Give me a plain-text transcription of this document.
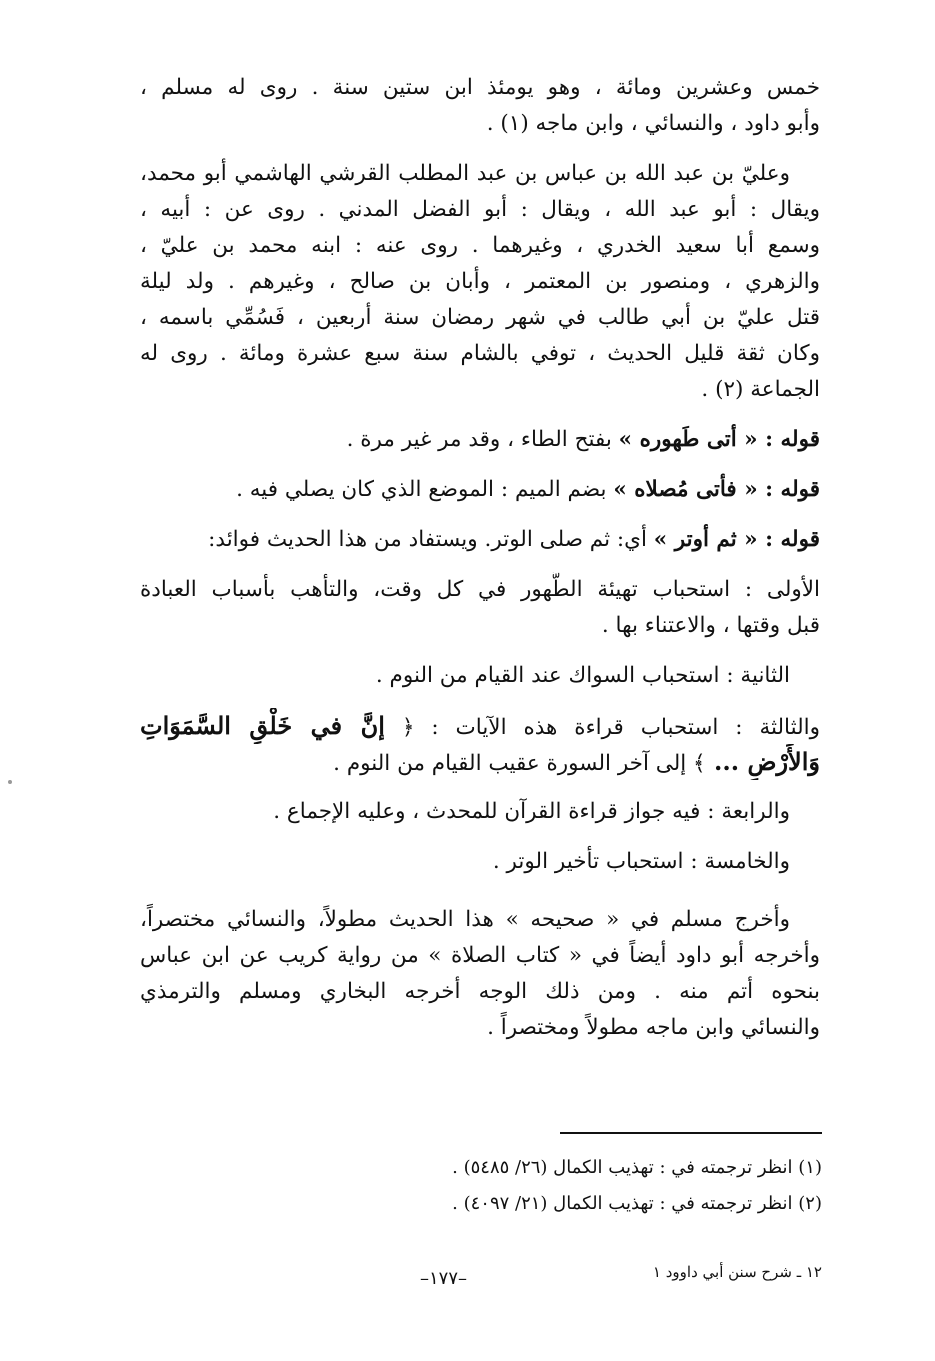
خمس وعشرين ومائة ، وهو يومئذ ابن ستين سنة . روى له مسلم ،
وأبو داود ، والنسائي ، وابن ماجه (١) .
وعليّ بن عبد الله بن عباس بن عبد المطلب القرشي الهاشمي أبو محمد،
ويقال : أبو عبد الله ، ويقال : أبو الفضل المدني . روى عن : أبيه ،
وسمع أبا سعيد الخدري ، وغيرهما . روى عنه : ابنه محمد بن عليّ ،
والزهري ، ومنصور بن المعتمر ، وأبان بن صالح ، وغيرهم . ولد ليلة
قتل عليّ بن أبي طالب في شهر رمضان سنة أربعين ، فَسُمِّي باسمه ،
وكان ثقة قليل الحديث ، توفي بالشام سنة سبع عشرة ومائة . روى له
الجماعة (٢) .
قوله : « أتى طَهوره » بفتح الطاء ، وقد مر غير مرة .
قوله : « فأتى مُصلاه » بضم الميم : الموضع الذي كان يصلي فيه .
قوله : « ثم أوتر » أي: ثم صلى الوتر. ويستفاد من هذا الحديث فوائد:
الأولى : استحباب تهيئة الطَّهور في كل وقت، والتأهب بأسباب العبادة
قبل وقتها ، والاعتناء بها .
الثانية : استحباب السواك عند القيام من النوم .
والثالثة : استحباب قراءة هذه الآيات : ﴿ إنَّ في خَلْقِ السَّمَوَاتِ
وَالأَرْضِ ... ﴾ إلى آخر السورة عقيب القيام من النوم .
والرابعة : فيه جواز قراءة القرآن للمحدث ، وعليه الإجماع .
والخامسة : استحباب تأخير الوتر .
وأخرج مسلم في « صحيحه » هذا الحديث مطولاً، والنسائي مختصراً،
وأخرجه أبو داود أيضاً في « كتاب الصلاة » من رواية كريب عن ابن عباس
بنحوه أتم منه . ومن ذلك الوجه أخرجه البخاري ومسلم والترمذي
والنسائي وابن ماجه مطولاً ومختصراً .
(١) انظر ترجمته في : تهذيب الكمال (٢٦/ ٥٤٨٥) .
(٢) انظر ترجمته في : تهذيب الكمال (٢١/ ٤٠٩٧) .
١٢ ـ شرح سنن أبي داوود ١
–١٧٧–
